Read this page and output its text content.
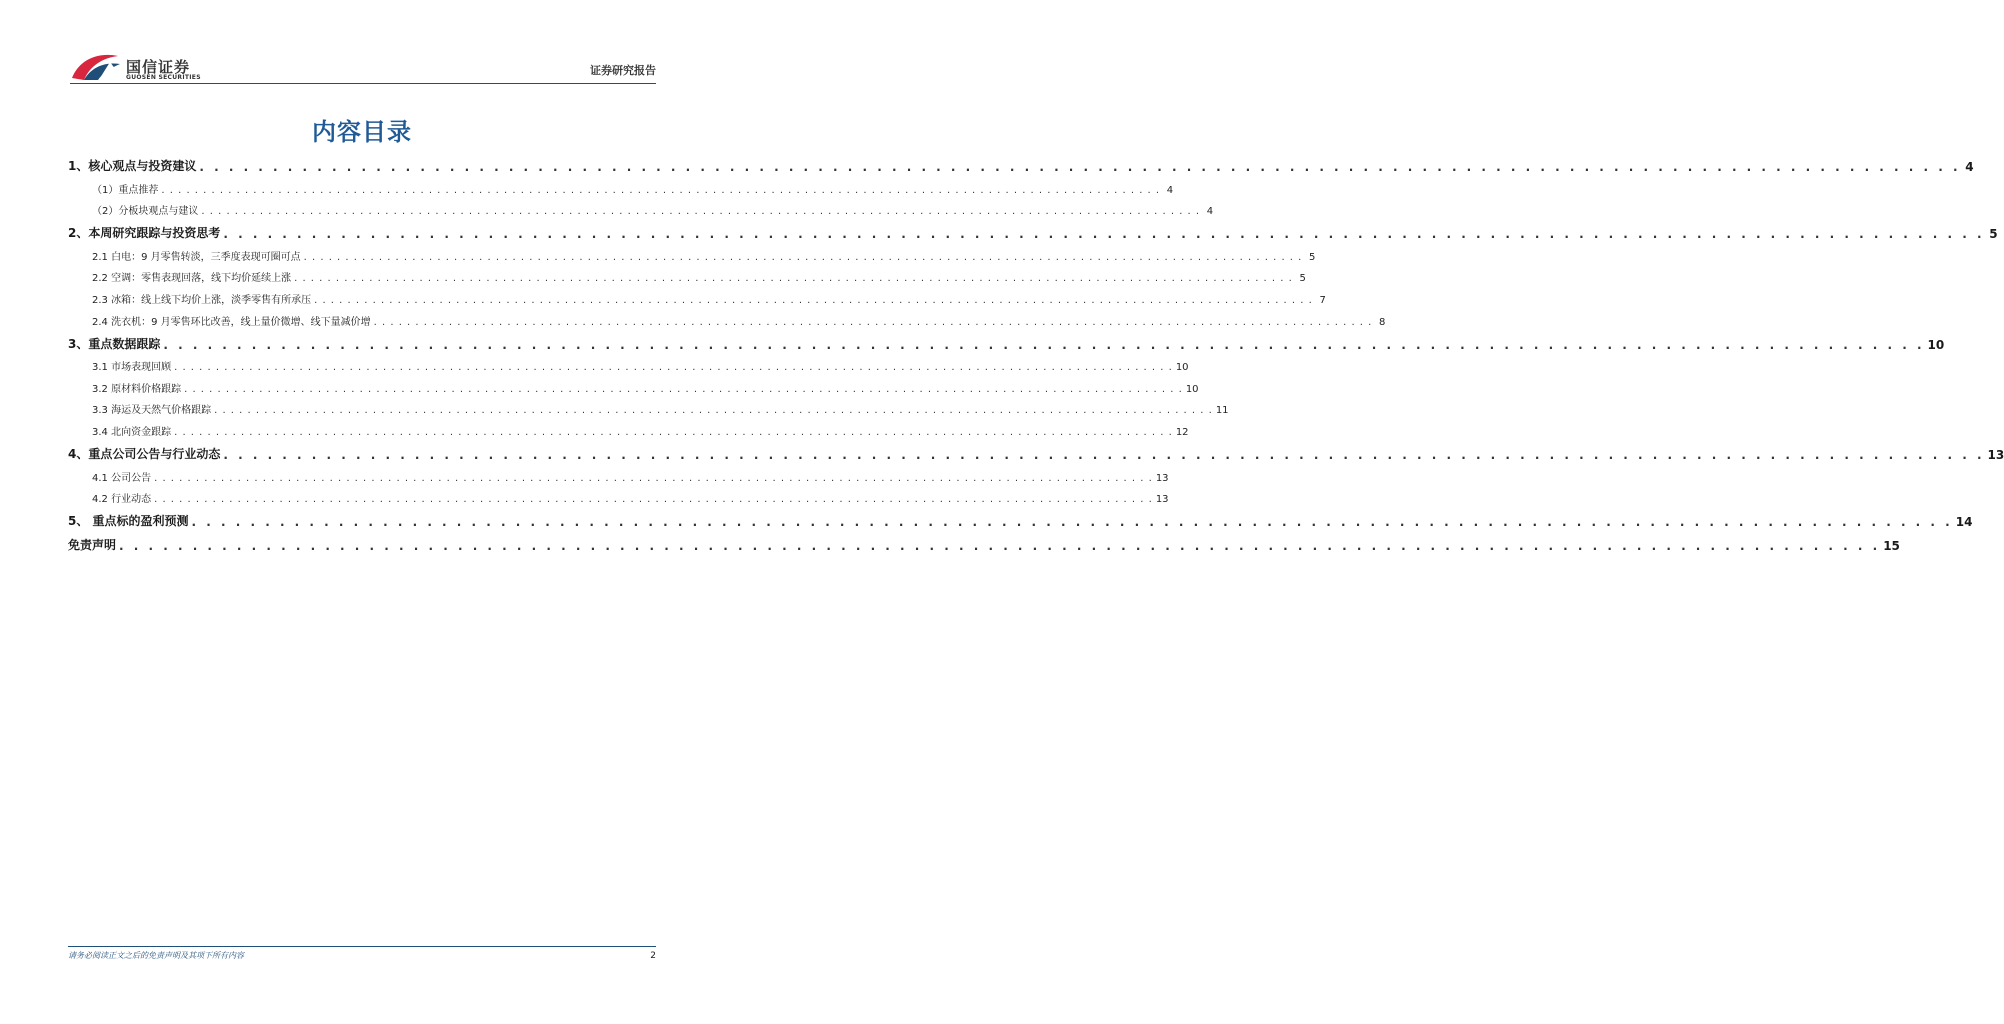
国信证券
GUOSEN SECURITIES
证券研究报告
内容目录
1、核心观点与投资建议 . . . . . . . . . . . . . . . . . . . . . . . . . . . . . . . . . . . . . . . . . . . . . . . . . . . . . . . . . . . . . . . . . . . . . . . . . . . . . . . . . . . . . . . . . . . . . . . . . . . . . . . . . . . . . . . . . . . . . . . . 4
（1）重点推荐 . . . . . . . . . . . . . . . . . . . . . . . . . . . . . . . . . . . . . . . . . . . . . . . . . . . . . . . . . . . . . . . . . . . . . . . . . . . . . . . . . . . . . . . . . . . . . . . . . . . . . . . . . . . . . . . . . . . . . . . . 4
（2）分板块观点与建议 . . . . . . . . . . . . . . . . . . . . . . . . . . . . . . . . . . . . . . . . . . . . . . . . . . . . . . . . . . . . . . . . . . . . . . . . . . . . . . . . . . . . . . . . . . . . . . . . . . . . . . . . . . . . . . . . . . . . . . . . 4
2、本周研究跟踪与投资思考 . . . . . . . . . . . . . . . . . . . . . . . . . . . . . . . . . . . . . . . . . . . . . . . . . . . . . . . . . . . . . . . . . . . . . . . . . . . . . . . . . . . . . . . . . . . . . . . . . . . . . . . . . . . . . . . . . . . . . . . . 5
2.1 白电：9 月零售转淡，三季度表现可圈可点 . . . . . . . . . . . . . . . . . . . . . . . . . . . . . . . . . . . . . . . . . . . . . . . . . . . . . . . . . . . . . . . . . . . . . . . . . . . . . . . . . . . . . . . . . . . . . . . . . . . . . . . . . . . . . . . . . . . . . . . . 5
2.2 空调：零售表现回落，线下均价延续上涨 . . . . . . . . . . . . . . . . . . . . . . . . . . . . . . . . . . . . . . . . . . . . . . . . . . . . . . . . . . . . . . . . . . . . . . . . . . . . . . . . . . . . . . . . . . . . . . . . . . . . . . . . . . . . . . . . . . . . . . . . 5
2.3 冰箱：线上线下均价上涨，淡季零售有所承压 . . . . . . . . . . . . . . . . . . . . . . . . . . . . . . . . . . . . . . . . . . . . . . . . . . . . . . . . . . . . . . . . . . . . . . . . . . . . . . . . . . . . . . . . . . . . . . . . . . . . . . . . . . . . . . . . . . . . . . . . 7
2.4 洗衣机：9 月零售环比改善，线上量价微增、线下量减价增 . . . . . . . . . . . . . . . . . . . . . . . . . . . . . . . . . . . . . . . . . . . . . . . . . . . . . . . . . . . . . . . . . . . . . . . . . . . . . . . . . . . . . . . . . . . . . . . . . . . . . . . . . . . . . . . . . . . . . . . . 8
3、重点数据跟踪 . . . . . . . . . . . . . . . . . . . . . . . . . . . . . . . . . . . . . . . . . . . . . . . . . . . . . . . . . . . . . . . . . . . . . . . . . . . . . . . . . . . . . . . . . . . . . . . . . . . . . . . . . . . . . . . . . . . . . . . . 10
3.1 市场表现回顾 . . . . . . . . . . . . . . . . . . . . . . . . . . . . . . . . . . . . . . . . . . . . . . . . . . . . . . . . . . . . . . . . . . . . . . . . . . . . . . . . . . . . . . . . . . . . . . . . . . . . . . . . . . . . . . . . . . . . . . . . 10
3.2 原材料价格跟踪 . . . . . . . . . . . . . . . . . . . . . . . . . . . . . . . . . . . . . . . . . . . . . . . . . . . . . . . . . . . . . . . . . . . . . . . . . . . . . . . . . . . . . . . . . . . . . . . . . . . . . . . . . . . . . . . . . . . . . . . . 10
3.3 海运及天然气价格跟踪 . . . . . . . . . . . . . . . . . . . . . . . . . . . . . . . . . . . . . . . . . . . . . . . . . . . . . . . . . . . . . . . . . . . . . . . . . . . . . . . . . . . . . . . . . . . . . . . . . . . . . . . . . . . . . . . . . . . . . . . . 11
3.4 北向资金跟踪 . . . . . . . . . . . . . . . . . . . . . . . . . . . . . . . . . . . . . . . . . . . . . . . . . . . . . . . . . . . . . . . . . . . . . . . . . . . . . . . . . . . . . . . . . . . . . . . . . . . . . . . . . . . . . . . . . . . . . . . . 12
4、重点公司公告与行业动态 . . . . . . . . . . . . . . . . . . . . . . . . . . . . . . . . . . . . . . . . . . . . . . . . . . . . . . . . . . . . . . . . . . . . . . . . . . . . . . . . . . . . . . . . . . . . . . . . . . . . . . . . . . . . . . . . . . . . . . . . 13
4.1 公司公告 . . . . . . . . . . . . . . . . . . . . . . . . . . . . . . . . . . . . . . . . . . . . . . . . . . . . . . . . . . . . . . . . . . . . . . . . . . . . . . . . . . . . . . . . . . . . . . . . . . . . . . . . . . . . . . . . . . . . . . . . 13
4.2 行业动态 . . . . . . . . . . . . . . . . . . . . . . . . . . . . . . . . . . . . . . . . . . . . . . . . . . . . . . . . . . . . . . . . . . . . . . . . . . . . . . . . . . . . . . . . . . . . . . . . . . . . . . . . . . . . . . . . . . . . . . . . 13
5、 重点标的盈利预测 . . . . . . . . . . . . . . . . . . . . . . . . . . . . . . . . . . . . . . . . . . . . . . . . . . . . . . . . . . . . . . . . . . . . . . . . . . . . . . . . . . . . . . . . . . . . . . . . . . . . . . . . . . . . . . . . . . . . . . . . 14
免责声明 . . . . . . . . . . . . . . . . . . . . . . . . . . . . . . . . . . . . . . . . . . . . . . . . . . . . . . . . . . . . . . . . . . . . . . . . . . . . . . . . . . . . . . . . . . . . . . . . . . . . . . . . . . . . . . . . . . . . . . . . 15
请务必阅读正文之后的免责声明及其项下所有内容	2
